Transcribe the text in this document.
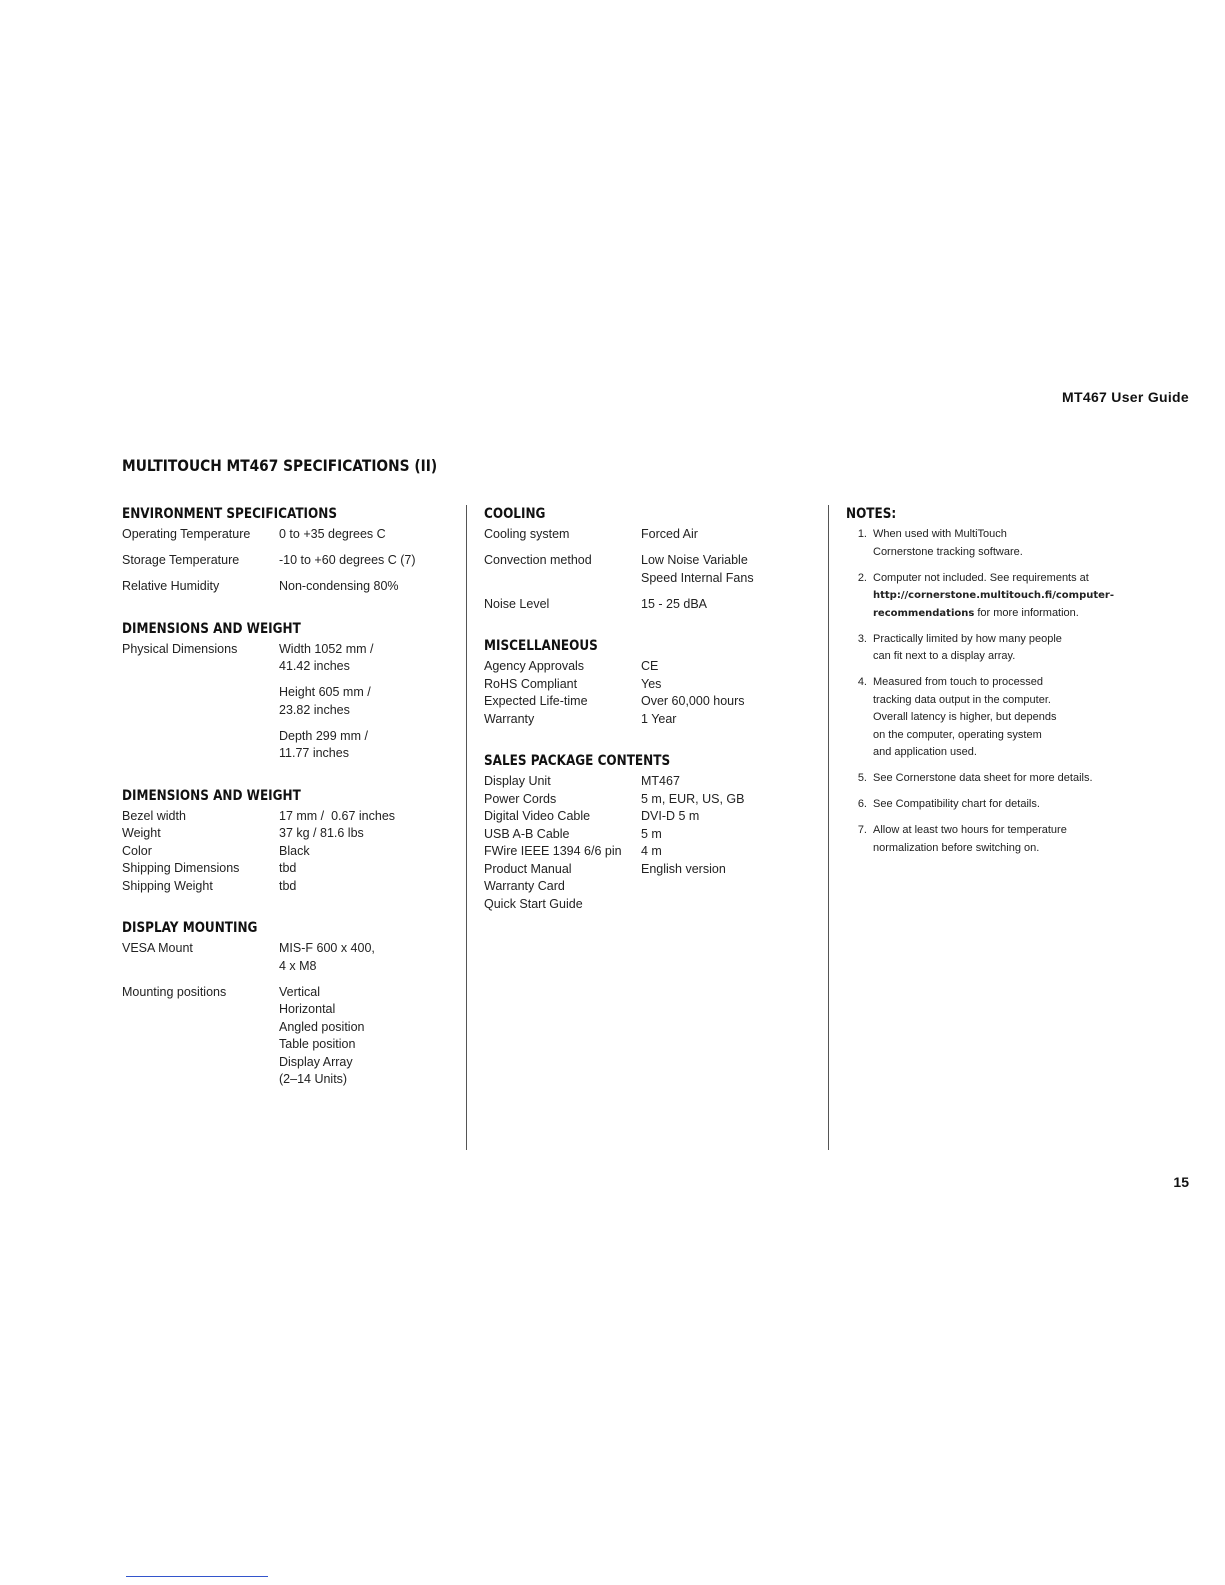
MT467 User Guide
MULTITOUCH MT467 SPECIFICATIONS (II)
ENVIRONMENT SPECIFICATIONS
Operating Temperature	0 to +35 degrees C
Storage Temperature	-10 to +60 degrees C (7)
Relative Humidity	Non-condensing 80%
DIMENSIONS AND WEIGHT
Physical Dimensions	Width 1052 mm /
41.42 inches
Height 605 mm /
23.82 inches
Depth 299 mm /
11.77 inches
DIMENSIONS AND WEIGHT
Bezel width	17 mm /  0.67 inches
Weight	37 kg / 81.6 lbs
Color	Black
Shipping Dimensions	tbd
Shipping Weight	tbd
DISPLAY MOUNTING
VESA Mount	MIS-F 600 x 400,
4 x M8
Mounting positions	Vertical
Horizontal
Angled position
Table position
Display Array
(2–14 Units)
COOLING
Cooling system	Forced Air
Convection method	Low Noise Variable
Speed Internal Fans
Noise Level	15 - 25 dBA
MISCELLANEOUS
Agency Approvals	CE
RoHS Compliant	Yes
Expected Life-time	Over 60,000 hours
Warranty	1 Year
SALES PACKAGE CONTENTS
Display Unit	MT467
Power Cords	5 m, EUR, US, GB
Digital Video Cable	DVI-D 5 m
USB A-B Cable	5 m
FWire IEEE 1394 6/6 pin	4 m
Product Manual	English version
Warranty Card
Quick Start Guide
NOTES:
1. When used with MultiTouch
Cornerstone tracking software.
2. Computer not included. See requirements at
http://cornerstone.multitouch.fi/computer-
recommendations for more information.
3. Practically limited by how many people
can fit next to a display array.
4. Measured from touch to processed
tracking data output in the computer.
Overall latency is higher, but depends
on the computer, operating system
and application used.
5. See Cornerstone data sheet for more details.
6. See Compatibility chart for details.
7. Allow at least two hours for temperature
normalization before switching on.
15
